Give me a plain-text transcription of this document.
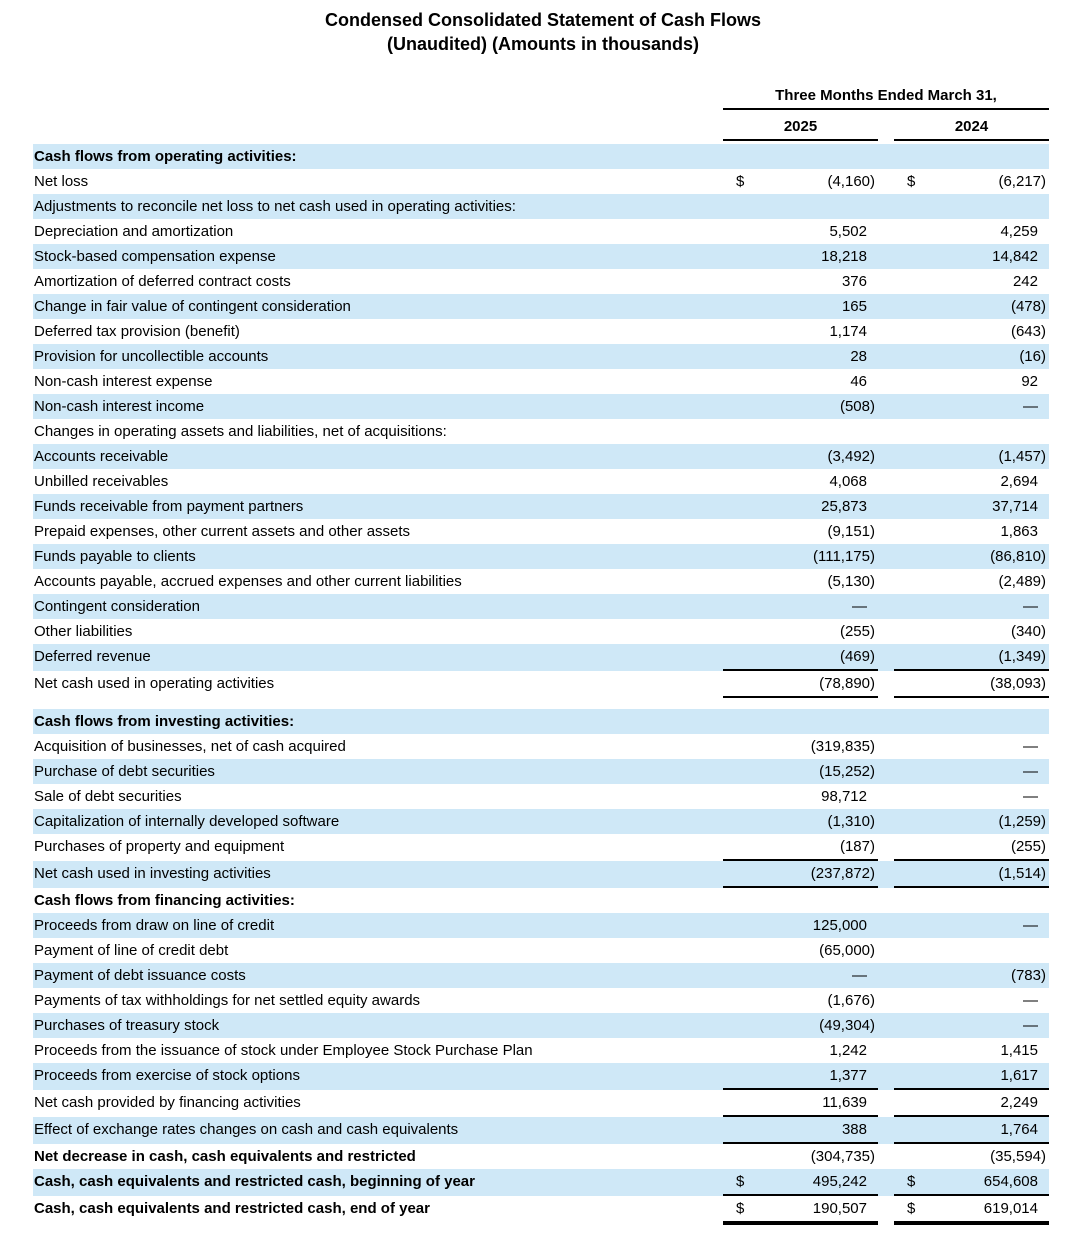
Condensed Consolidated Statement of Cash Flows
(Unaudited) (Amounts in thousands)
Three Months Ended March 31,
2025	2024
Cash flows from operating activities:
Net loss	$	(4,160) $	(6,217)
Adjustments to reconcile net loss to net cash used in operating activities:
Depreciation and amortization	5,502	4,259
Stock-based compensation expense	18,218	14,842
Amortization of deferred contract costs	376	242
Change in fair value of contingent consideration	165	(478)
Deferred tax provision (benefit)	1,174	(643)
Provision for uncollectible accounts	28	(16)
Non-cash interest expense	46	92
Non-cash interest income	(508)	—
Changes in operating assets and liabilities, net of acquisitions:
Accounts receivable	(3,492)	(1,457)
Unbilled receivables	4,068	2,694
Funds receivable from payment partners	25,873	37,714
Prepaid expenses, other current assets and other assets	(9,151)	1,863
Funds payable to clients	(111,175)	(86,810)
Accounts payable, accrued expenses and other current liabilities	(5,130)	(2,489)
Contingent consideration	—	—
Other liabilities	(255)	(340)
Deferred revenue	(469)	(1,349)
Net cash used in operating activities	(78,890)	(38,093)
Cash flows from investing activities:
Acquisition of businesses, net of cash acquired	(319,835)	—
Purchase of debt securities	(15,252)	—
Sale of debt securities	98,712	—
Capitalization of internally developed software	(1,310)	(1,259)
Purchases of property and equipment	(187)	(255)
Net cash used in investing activities	(237,872)	(1,514)
Cash flows from financing activities:
Proceeds from draw on line of credit	125,000	—
Payment of line of credit debt	(65,000)
Payment of debt issuance costs	—	(783)
Payments of tax withholdings for net settled equity awards	(1,676)	—
Purchases of treasury stock	(49,304)	—
Proceeds from the issuance of stock under Employee Stock Purchase Plan	1,242	1,415
Proceeds from exercise of stock options	1,377	1,617
Net cash provided by financing activities	11,639	2,249
Effect of exchange rates changes on cash and cash equivalents	388	1,764
Net decrease in cash, cash equivalents and restricted	(304,735)	(35,594)
Cash, cash equivalents and restricted cash, beginning of year	$	495,242	$	654,608
Cash, cash equivalents and restricted cash, end of year	$	190,507	$	619,014
